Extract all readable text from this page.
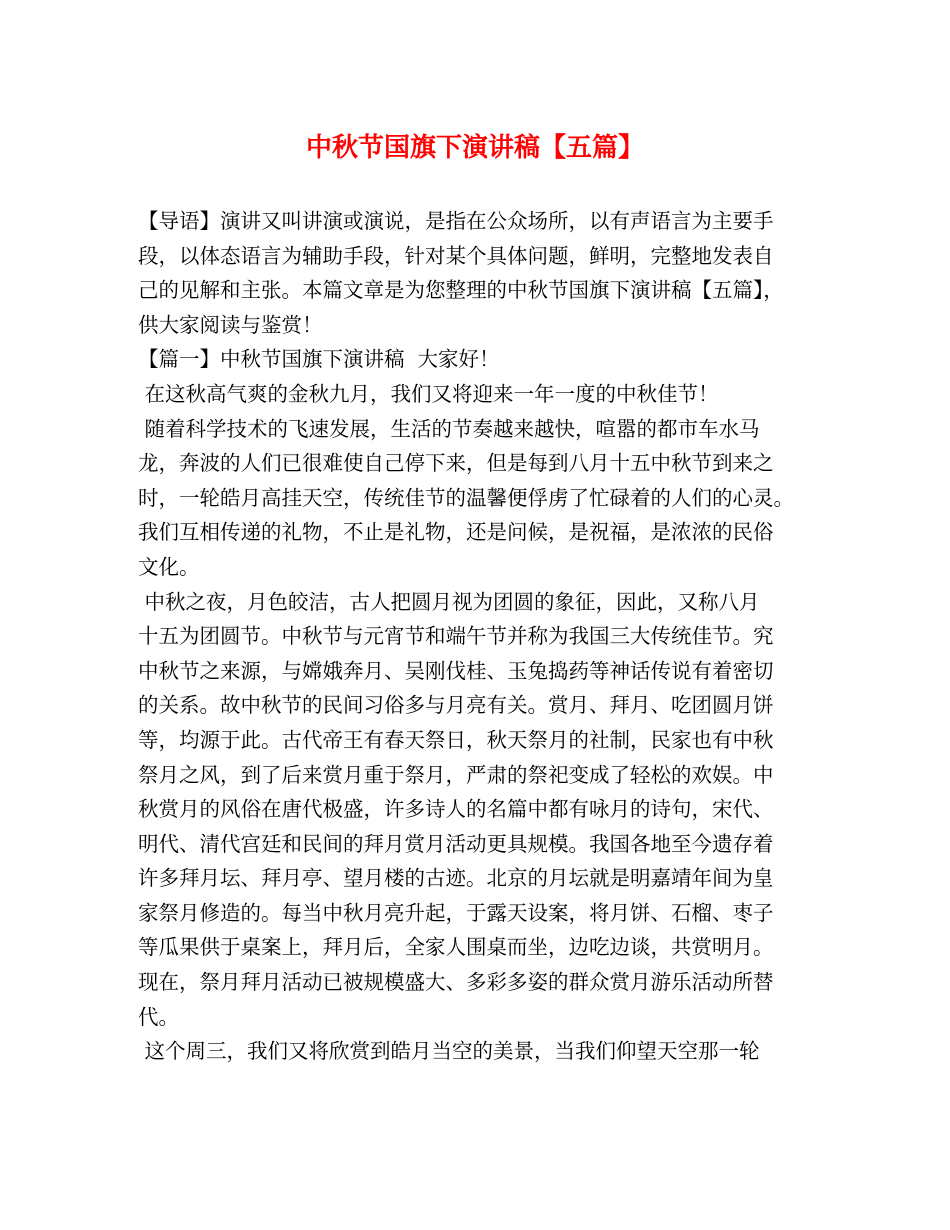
中秋节国旗下演讲稿【五篇】
【导语】演讲又叫讲演或演说，是指在公众场所，以有声语言为主要手
段，以体态语言为辅助手段，针对某个具体问题，鲜明，完整地发表自
己的见解和主张。本篇文章是为您整理的中秋节国旗下演讲稿【五篇】，
供大家阅读与鉴赏！
【篇一】中秋节国旗下演讲稿  大家好！
在这秋高气爽的金秋九月，我们又将迎来一年一度的中秋佳节！
随着科学技术的飞速发展，生活的节奏越来越快，喧嚣的都市车水马
龙，奔波的人们已很难使自己停下来，但是每到八月十五中秋节到来之
时，一轮皓月高挂天空，传统佳节的温馨便俘虏了忙碌着的人们的心灵。
我们互相传递的礼物，不止是礼物，还是问候，是祝福，是浓浓的民俗
文化。
中秋之夜，月色皎洁，古人把圆月视为团圆的象征，因此，又称八月
十五为团圆节。中秋节与元宵节和端午节并称为我国三大传统佳节。究
中秋节之来源，与嫦娥奔月、吴刚伐桂、玉兔捣药等神话传说有着密切
的关系。故中秋节的民间习俗多与月亮有关。赏月、拜月、吃团圆月饼
等，均源于此。古代帝王有春天祭日，秋天祭月的社制，民家也有中秋
祭月之风，到了后来赏月重于祭月，严肃的祭祀变成了轻松的欢娱。中
秋赏月的风俗在唐代极盛，许多诗人的名篇中都有咏月的诗句，宋代、
明代、清代宫廷和民间的拜月赏月活动更具规模。我国各地至今遗存着
许多拜月坛、拜月亭、望月楼的古迹。北京的月坛就是明嘉靖年间为皇
家祭月修造的。每当中秋月亮升起，于露天设案，将月饼、石榴、枣子
等瓜果供于桌案上，拜月后，全家人围桌而坐，边吃边谈，共赏明月。
现在，祭月拜月活动已被规模盛大、多彩多姿的群众赏月游乐活动所替
代。
这个周三，我们又将欣赏到皓月当空的美景，当我们仰望天空那一轮
